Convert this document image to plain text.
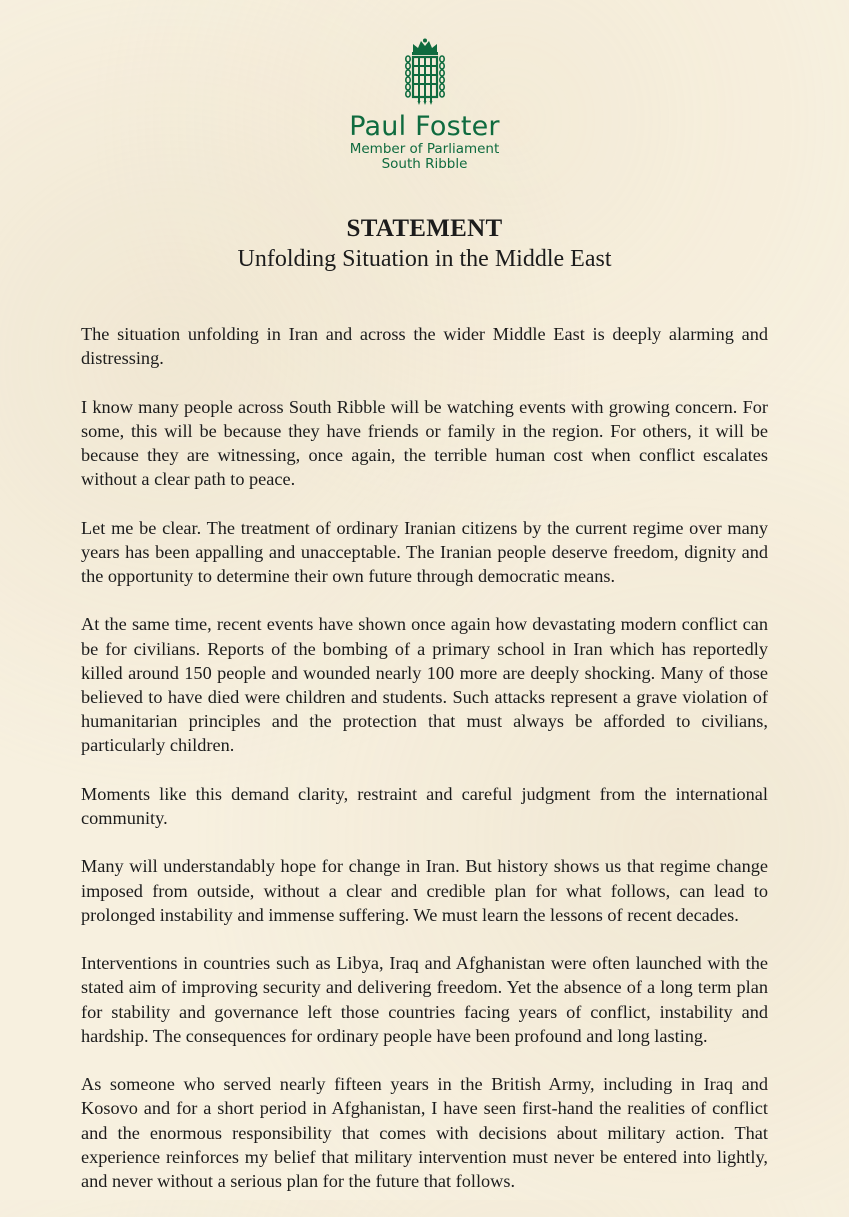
Paul Foster
Member of Parliament
South Ribble
STATEMENT
Unfolding Situation in the Middle East

The situation unfolding in Iran and across the wider Middle East is deeply alarming and distressing.

I know many people across South Ribble will be watching events with growing concern. For some, this will be because they have friends or family in the region. For others, it will be because they are witnessing, once again, the terrible human cost when conflict escalates without a clear path to peace.

Let me be clear. The treatment of ordinary Iranian citizens by the current regime over many years has been appalling and unacceptable. The Iranian people deserve freedom, dignity and the opportunity to determine their own future through democratic means.

At the same time, recent events have shown once again how devastating modern conflict can be for civilians. Reports of the bombing of a primary school in Iran which has reportedly killed around 150 people and wounded nearly 100 more are deeply shocking. Many of those believed to have died were children and students. Such attacks represent a grave violation of humanitarian principles and the protection that must always be afforded to civilians, particularly children.

Moments like this demand clarity, restraint and careful judgment from the international community.

Many will understandably hope for change in Iran. But history shows us that regime change imposed from outside, without a clear and credible plan for what follows, can lead to prolonged instability and immense suffering. We must learn the lessons of recent decades.

Interventions in countries such as Libya, Iraq and Afghanistan were often launched with the stated aim of improving security and delivering freedom. Yet the absence of a long term plan for stability and governance left those countries facing years of conflict, instability and hardship. The consequences for ordinary people have been profound and long lasting.

As someone who served nearly fifteen years in the British Army, including in Iraq and Kosovo and for a short period in Afghanistan, I have seen first-hand the realities of conflict and the enormous responsibility that comes with decisions about military action. That experience reinforces my belief that military intervention must never be entered into lightly, and never without a serious plan for the future that follows.
